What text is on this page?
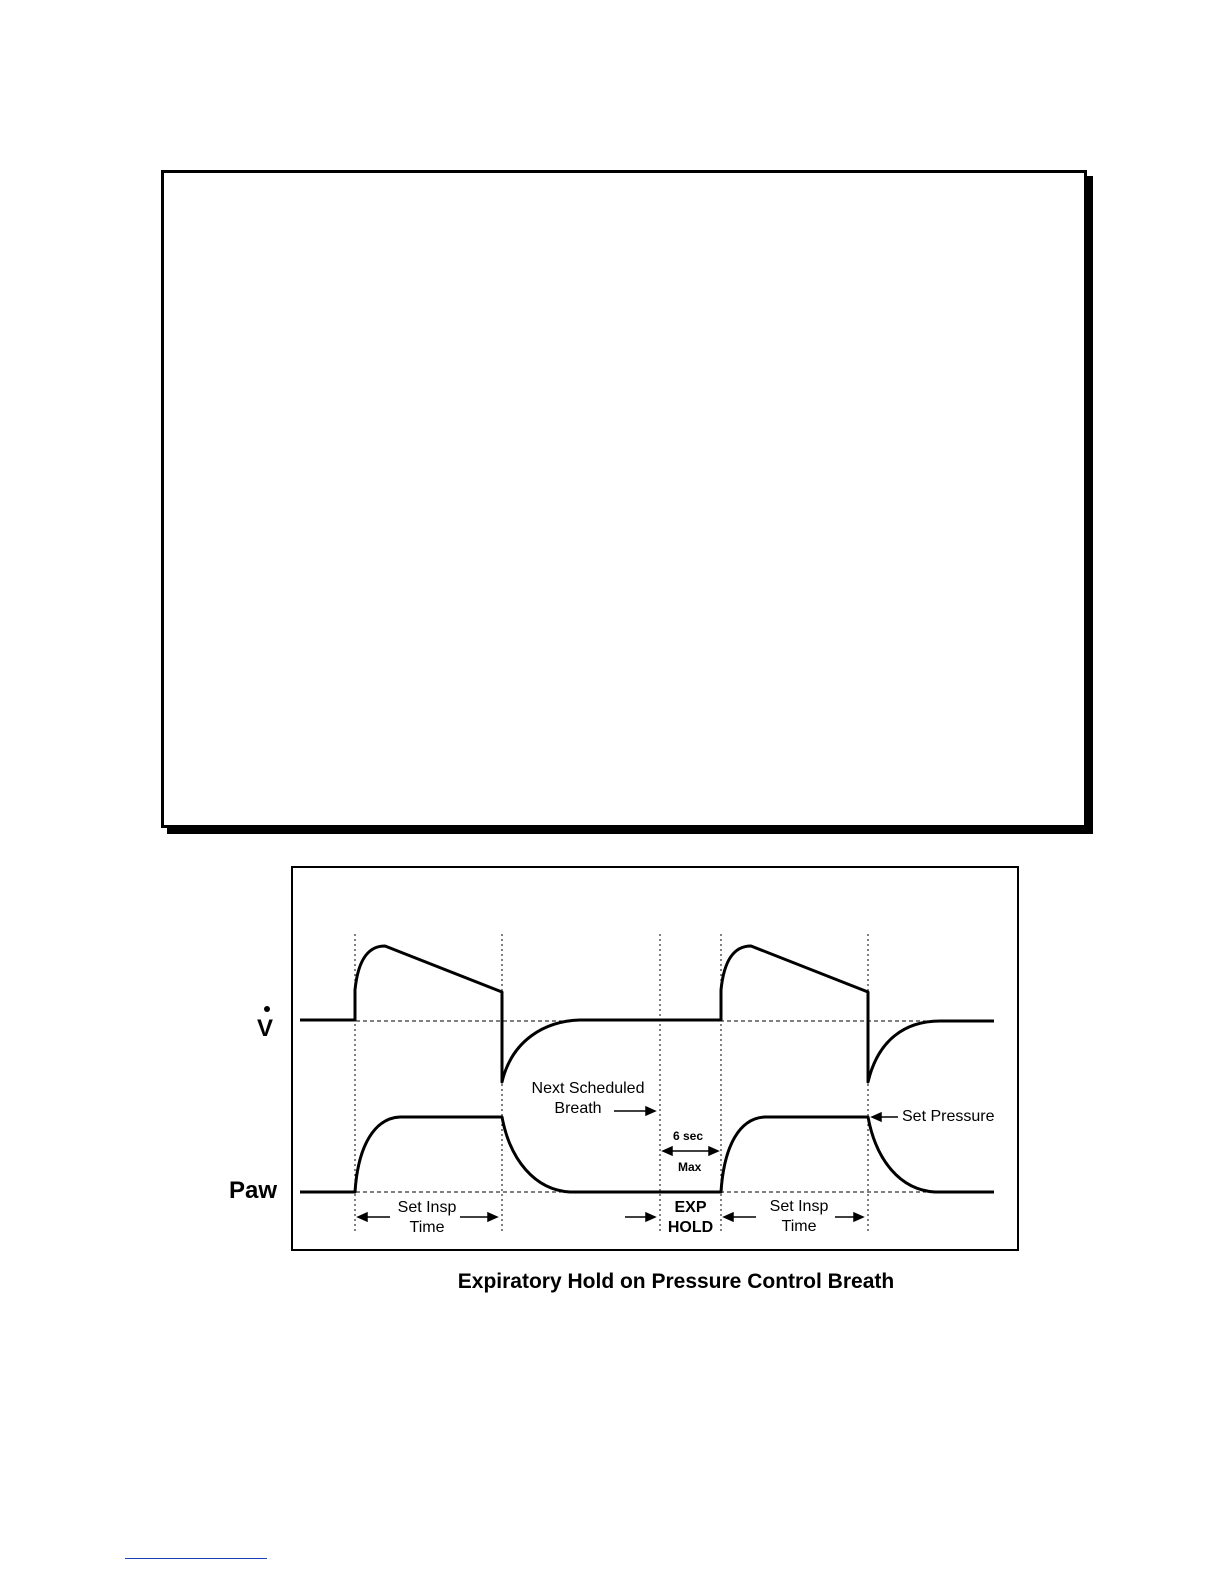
V
Paw
Set Insp
Time
Next Scheduled
Breath
6 sec
Max
EXP
HOLD
Set Insp
Time
Set Pressure
Expiratory Hold on Pressure Control Breath
